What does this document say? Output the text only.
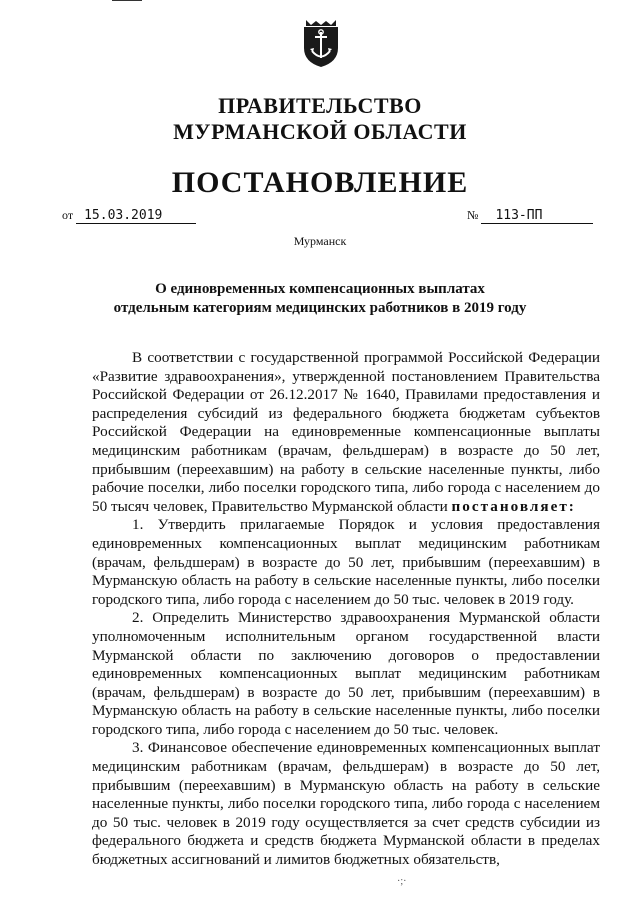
ПРАВИТЕЛЬСТВО
МУРМАНСКОЙ ОБЛАСТИ
ПОСТАНОВЛЕНИЕ
от 15.03.2019	№ 113-ПП
Мурманск
О единовременных компенсационных выплатах
отдельным категориям медицинских работников в 2019 году

В соответствии с государственной программой Российской Федерации «Развитие здравоохранения», утвержденной постановлением Правительства Российской Федерации от 26.12.2017 № 1640, Правилами предоставления и распределения субсидий из федерального бюджета бюджетам субъектов Российской Федерации на единовременные компенсационные выплаты медицинским работникам (врачам, фельдшерам) в возрасте до 50 лет, прибывшим (переехавшим) на работу в сельские населенные пункты, либо рабочие поселки, либо поселки городского типа, либо города с населением до 50 тысяч человек, Правительство Мурманской области постановляет:

1. Утвердить прилагаемые Порядок и условия предоставления единовременных компенсационных выплат медицинским работникам (врачам, фельдшерам) в возрасте до 50 лет, прибывшим (переехавшим) в Мурманскую область на работу в сельские населенные пункты, либо поселки городского типа, либо города с населением до 50 тыс. человек в 2019 году.

2. Определить Министерство здравоохранения Мурманской области уполномоченным исполнительным органом государственной власти Мурманской области по заключению договоров о предоставлении единовременных компенсационных выплат медицинским работникам (врачам, фельдшерам) в возрасте до 50 лет, прибывшим (переехавшим) в Мурманскую область на работу в сельские населенные пункты, либо поселки городского типа, либо города с населением до 50 тыс. человек.

3. Финансовое обеспечение единовременных компенсационных выплат медицинским работникам (врачам, фельдшерам) в возрасте до 50 лет, прибывшим (переехавшим) в Мурманскую область на работу в сельские населенные пункты, либо поселки городского типа, либо города с населением до 50 тыс. человек в 2019 году осуществляется за счет средств субсидии из федерального бюджета и средств бюджета Мурманской области в пределах бюджетных ассигнований и лимитов бюджетных обязательств,

·;·
